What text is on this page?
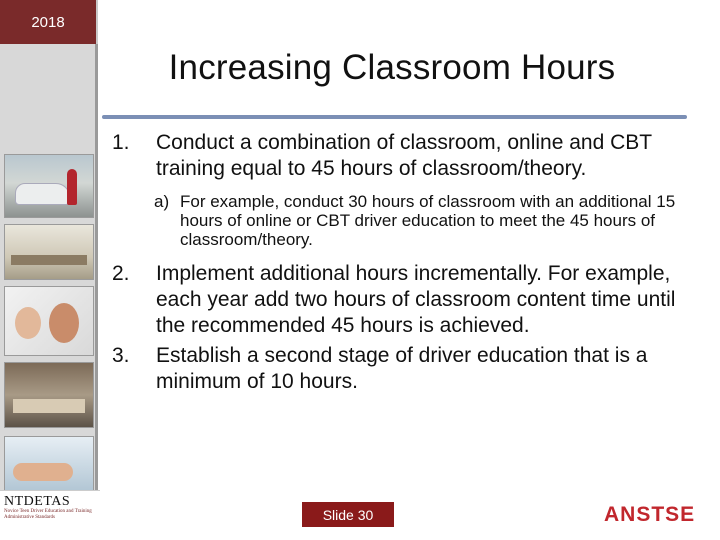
2018
NTDETAS
Novice Teen Driver Education and Training Administrative Standards
Increasing Classroom Hours
1.	Conduct a combination of classroom, online and CBT training equal to 45 hours of classroom/theory.
a) For example, conduct 30 hours of classroom with an additional 15 hours of online or CBT driver education to meet the 45 hours of classroom/theory.
2.	Implement additional hours incrementally. For example, each year add two hours of classroom content time until the recommended 45 hours is achieved.
3.	Establish a second stage of driver education that is a minimum of 10 hours.
Slide 30	ANSTSE
